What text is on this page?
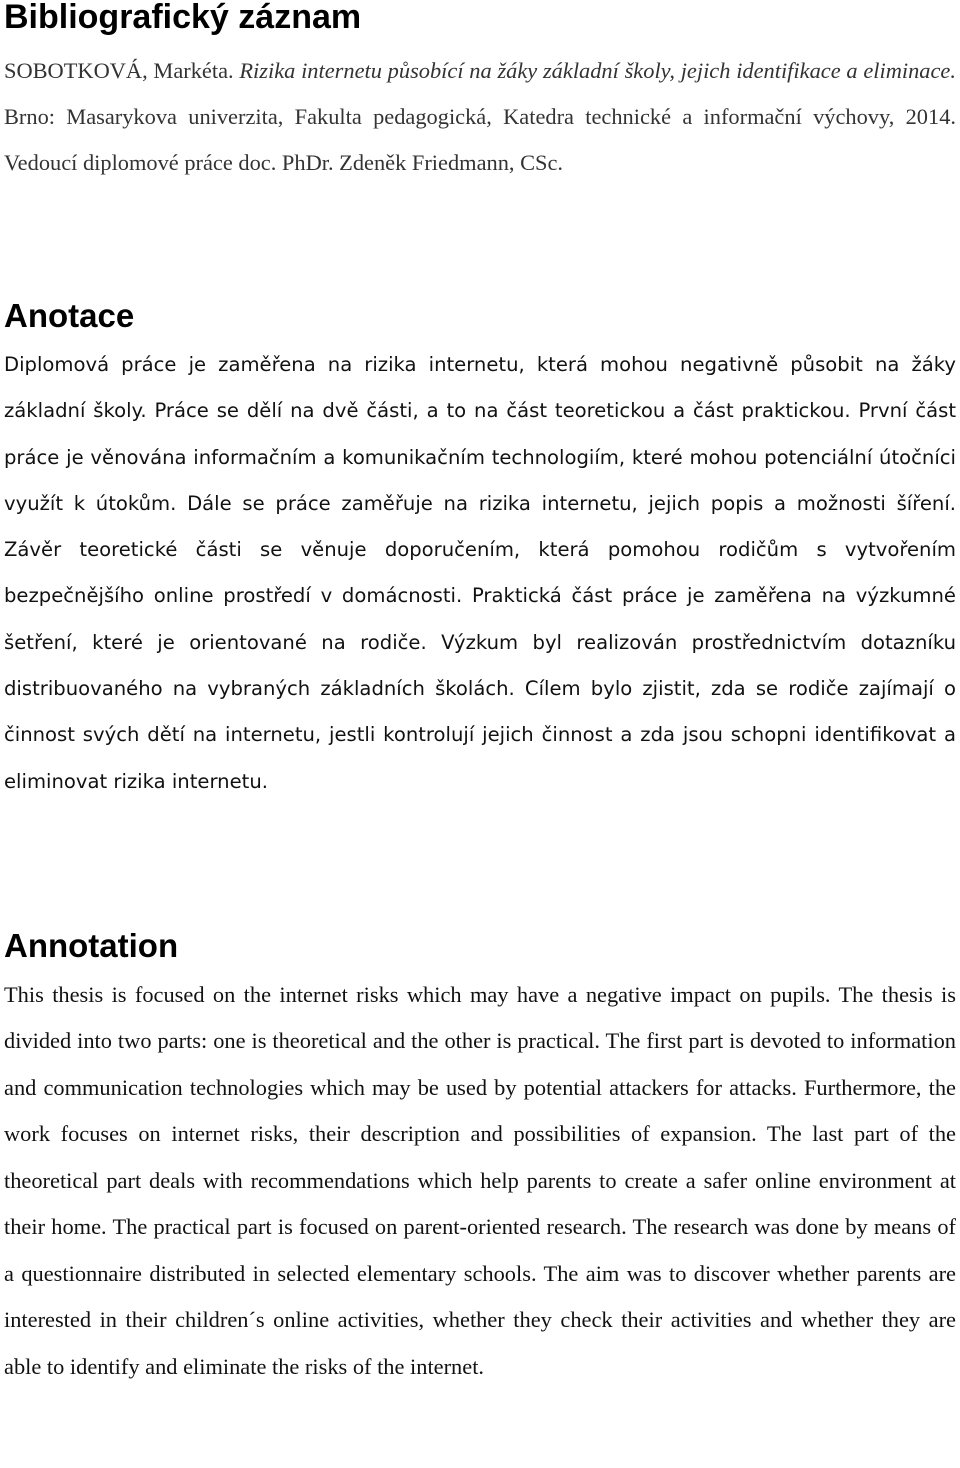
Bibliografický záznam

SOBOTKOVÁ, Markéta. Rizika internetu působící na žáky základní školy, jejich identifikace a eliminace. Brno: Masarykova univerzita, Fakulta pedagogická, Katedra technické a informační výchovy, 2014. Vedoucí diplomové práce doc. PhDr. Zdeněk Friedmann, CSc.

Anotace

Diplomová práce je zaměřena na rizika internetu, která mohou negativně působit na žáky základní školy. Práce se dělí na dvě části, a to na část teoretickou a část praktickou. První část práce je věnována informačním a komunikačním technologiím, které mohou potenciální útočníci využít k útokům. Dále se práce zaměřuje na rizika internetu, jejich popis a možnosti šíření. Závěr teoretické části se věnuje doporučením, která pomohou rodičům s vytvořením bezpečnějšího online prostředí v domácnosti. Praktická část práce je zaměřena na výzkumné šetření, které je orientované na rodiče. Výzkum byl realizován prostřednictvím dotazníku distribuovaného na vybraných základních školách. Cílem bylo zjistit, zda se rodiče zajímají o činnost svých dětí na internetu, jestli kontrolují jejich činnost a zda jsou schopni identifikovat a eliminovat rizika internetu.

Annotation

This thesis is focused on the internet risks which may have a negative impact on pupils. The thesis is divided into two parts: one is theoretical and the other is practical. The first part is devoted to information and communication technologies which may be used by potential attackers for attacks. Furthermore, the work focuses on internet risks, their description and possibilities of expansion. The last part of the theoretical part deals with recommendations which help parents to create a safer online environment at their home. The practical part is focused on parent-oriented research. The research was done by means of a questionnaire distributed in selected elementary schools. The aim was to discover whether parents are interested in their children´s online activities, whether they check their activities and whether they are able to identify and eliminate the risks of the internet.
